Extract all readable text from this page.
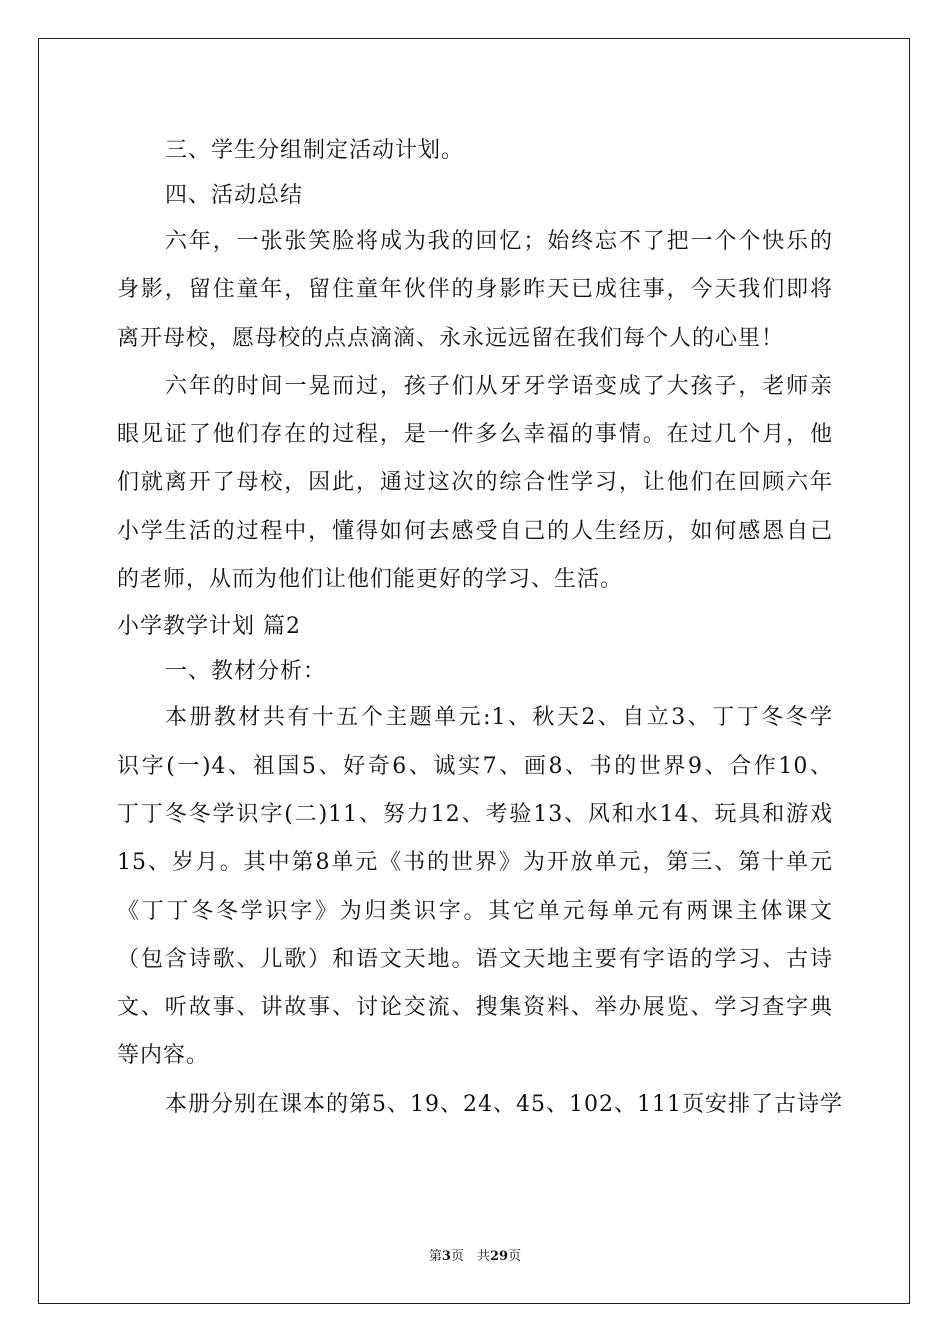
三、学生分组制定活动计划。
四、活动总结
六年，一张张笑脸将成为我的回忆；始终忘不了把一个个快乐的
身影，留住童年，留住童年伙伴的身影昨天已成往事，今天我们即将
离开母校，愿母校的点点滴滴、永永远远留在我们每个人的心里！
六年的时间一晃而过，孩子们从牙牙学语变成了大孩子，老师亲
眼见证了他们存在的过程，是一件多么幸福的事情。在过几个月，他
们就离开了母校，因此，通过这次的综合性学习，让他们在回顾六年
小学生活的过程中，懂得如何去感受自己的人生经历，如何感恩自己
的老师，从而为他们让他们能更好的学习、生活。
小学教学计划 篇2
一、教材分析：
本册教材共有十五个主题单元:1、秋天2、自立3、丁丁冬冬学
识字(一)4、祖国5、好奇6、诚实7、画8、书的世界9、合作10、
丁丁冬冬学识字(二)11、努力12、考验13、风和水14、玩具和游戏
15、岁月。其中第8单元《书的世界》为开放单元，第三、第十单元
《丁丁冬冬学识字》为归类识字。其它单元每单元有两课主体课文
（包含诗歌、儿歌）和语文天地。语文天地主要有字语的学习、古诗
文、听故事、讲故事、讨论交流、搜集资料、举办展览、学习查字典
等内容。
本册分别在课本的第5、19、24、45、102、111页安排了古诗学
第3页　共29页
